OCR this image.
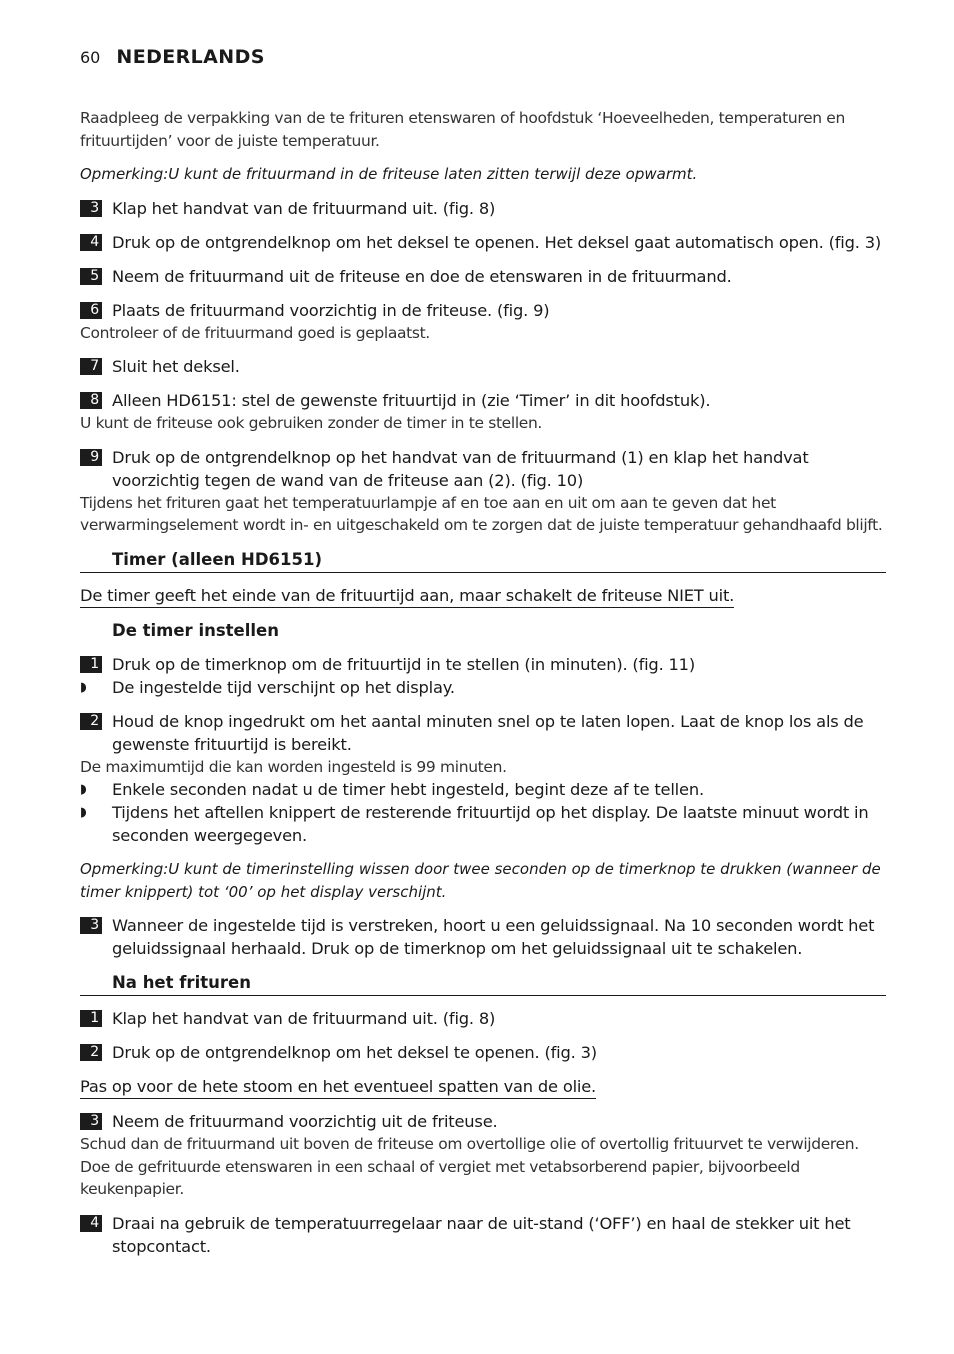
60 NEDERLANDS
Raadpleeg de verpakking van de te frituren etenswaren of hoofdstuk ‘Hoeveelheden, temperaturen en frituurtijden’ voor de juiste temperatuur.
Opmerking:U kunt de frituurmand in de friteuse laten zitten terwijl deze opwarmt.
3 Klap het handvat van de frituurmand uit. (fig. 8)
4 Druk op de ontgrendelknop om het deksel te openen. Het deksel gaat automatisch open. (fig. 3)
5 Neem de frituurmand uit de friteuse en doe de etenswaren in de frituurmand.
6 Plaats de frituurmand voorzichtig in de friteuse. (fig. 9)
Controleer of de frituurmand goed is geplaatst.
7 Sluit het deksel.
8 Alleen HD6151: stel de gewenste frituurtijd in (zie ‘Timer’ in dit hoofdstuk).
U kunt de friteuse ook gebruiken zonder de timer in te stellen.
9 Druk op de ontgrendelknop op het handvat van de frituurmand (1) en klap het handvat voorzichtig tegen de wand van de friteuse aan (2). (fig. 10)
Tijdens het frituren gaat het temperatuurlampje af en toe aan en uit om aan te geven dat het verwarmingselement wordt in- en uitgeschakeld om te zorgen dat de juiste temperatuur gehandhaafd blijft.
Timer (alleen HD6151)
De timer geeft het einde van de frituurtijd aan, maar schakelt de friteuse NIET uit.
De timer instellen
1 Druk op de timerknop om de frituurtijd in te stellen (in minuten). (fig. 11)
◗	De ingestelde tijd verschijnt op het display.
2 Houd de knop ingedrukt om het aantal minuten snel op te laten lopen. Laat de knop los als de gewenste frituurtijd is bereikt.
De maximumtijd die kan worden ingesteld is 99 minuten.
◗	Enkele seconden nadat u de timer hebt ingesteld, begint deze af te tellen.
◗	Tijdens het aftellen knippert de resterende frituurtijd op het display. De laatste minuut wordt in seconden weergegeven.
Opmerking:U kunt de timerinstelling wissen door twee seconden op de timerknop te drukken (wanneer de timer knippert) tot ‘00’ op het display verschijnt.
3 Wanneer de ingestelde tijd is verstreken, hoort u een geluidssignaal. Na 10 seconden wordt het geluidssignaal herhaald. Druk op de timerknop om het geluidssignaal uit te schakelen.
Na het frituren
1 Klap het handvat van de frituurmand uit. (fig. 8)
2 Druk op de ontgrendelknop om het deksel te openen. (fig. 3)
Pas op voor de hete stoom en het eventueel spatten van de olie.
3 Neem de frituurmand voorzichtig uit de friteuse.
Schud dan de frituurmand uit boven de friteuse om overtollige olie of overtollig frituurvet te verwijderen. Doe de gefrituurde etenswaren in een schaal of vergiet met vetabsorberend papier, bijvoorbeeld keukenpapier.
4 Draai na gebruik de temperatuurregelaar naar de uit-stand (‘OFF’) en haal de stekker uit het stopcontact.
